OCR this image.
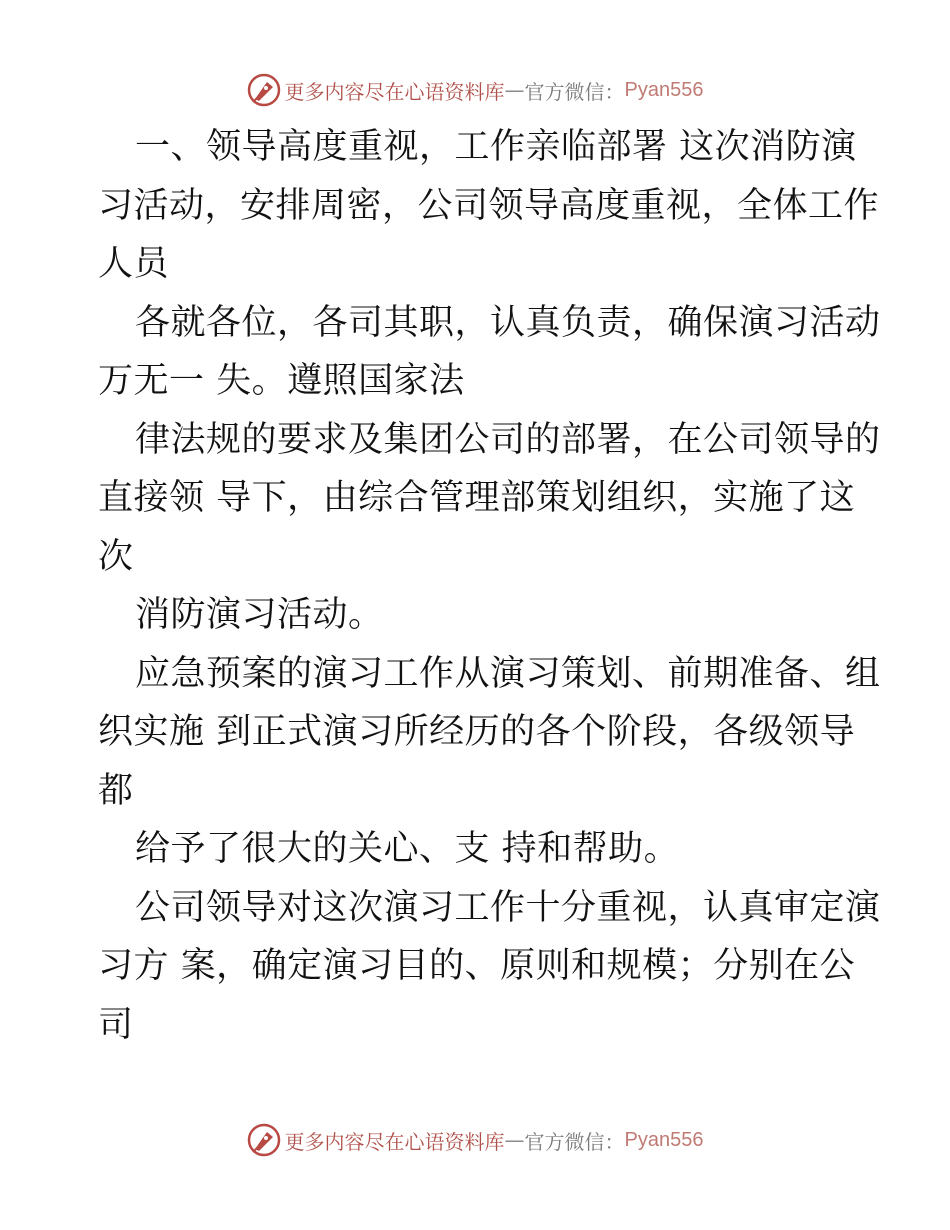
更多内容尽在心语资料库 — 官方微信： Pyan556
一、领导高度重视，工作亲临部署 这次消防演
习活动，安排周密，公司领导高度重视，全体工作
人员
各就各位，各司其职，认真负责，确保演习活动
万无一 失。遵照国家法
律法规的要求及集团公司的部署，在公司领导的
直接领 导下，由综合管理部策划组织，实施了这
次
消防演习活动。
应急预案的演习工作从演习策划、前期准备、组
织实施 到正式演习所经历的各个阶段，各级领导
都
给予了很大的关心、支 持和帮助。
公司领导对这次演习工作十分重视，认真审定演
习方 案，确定演习目的、原则和规模；分别在公
司
更多内容尽在心语资料库 — 官方微信： Pyan556
